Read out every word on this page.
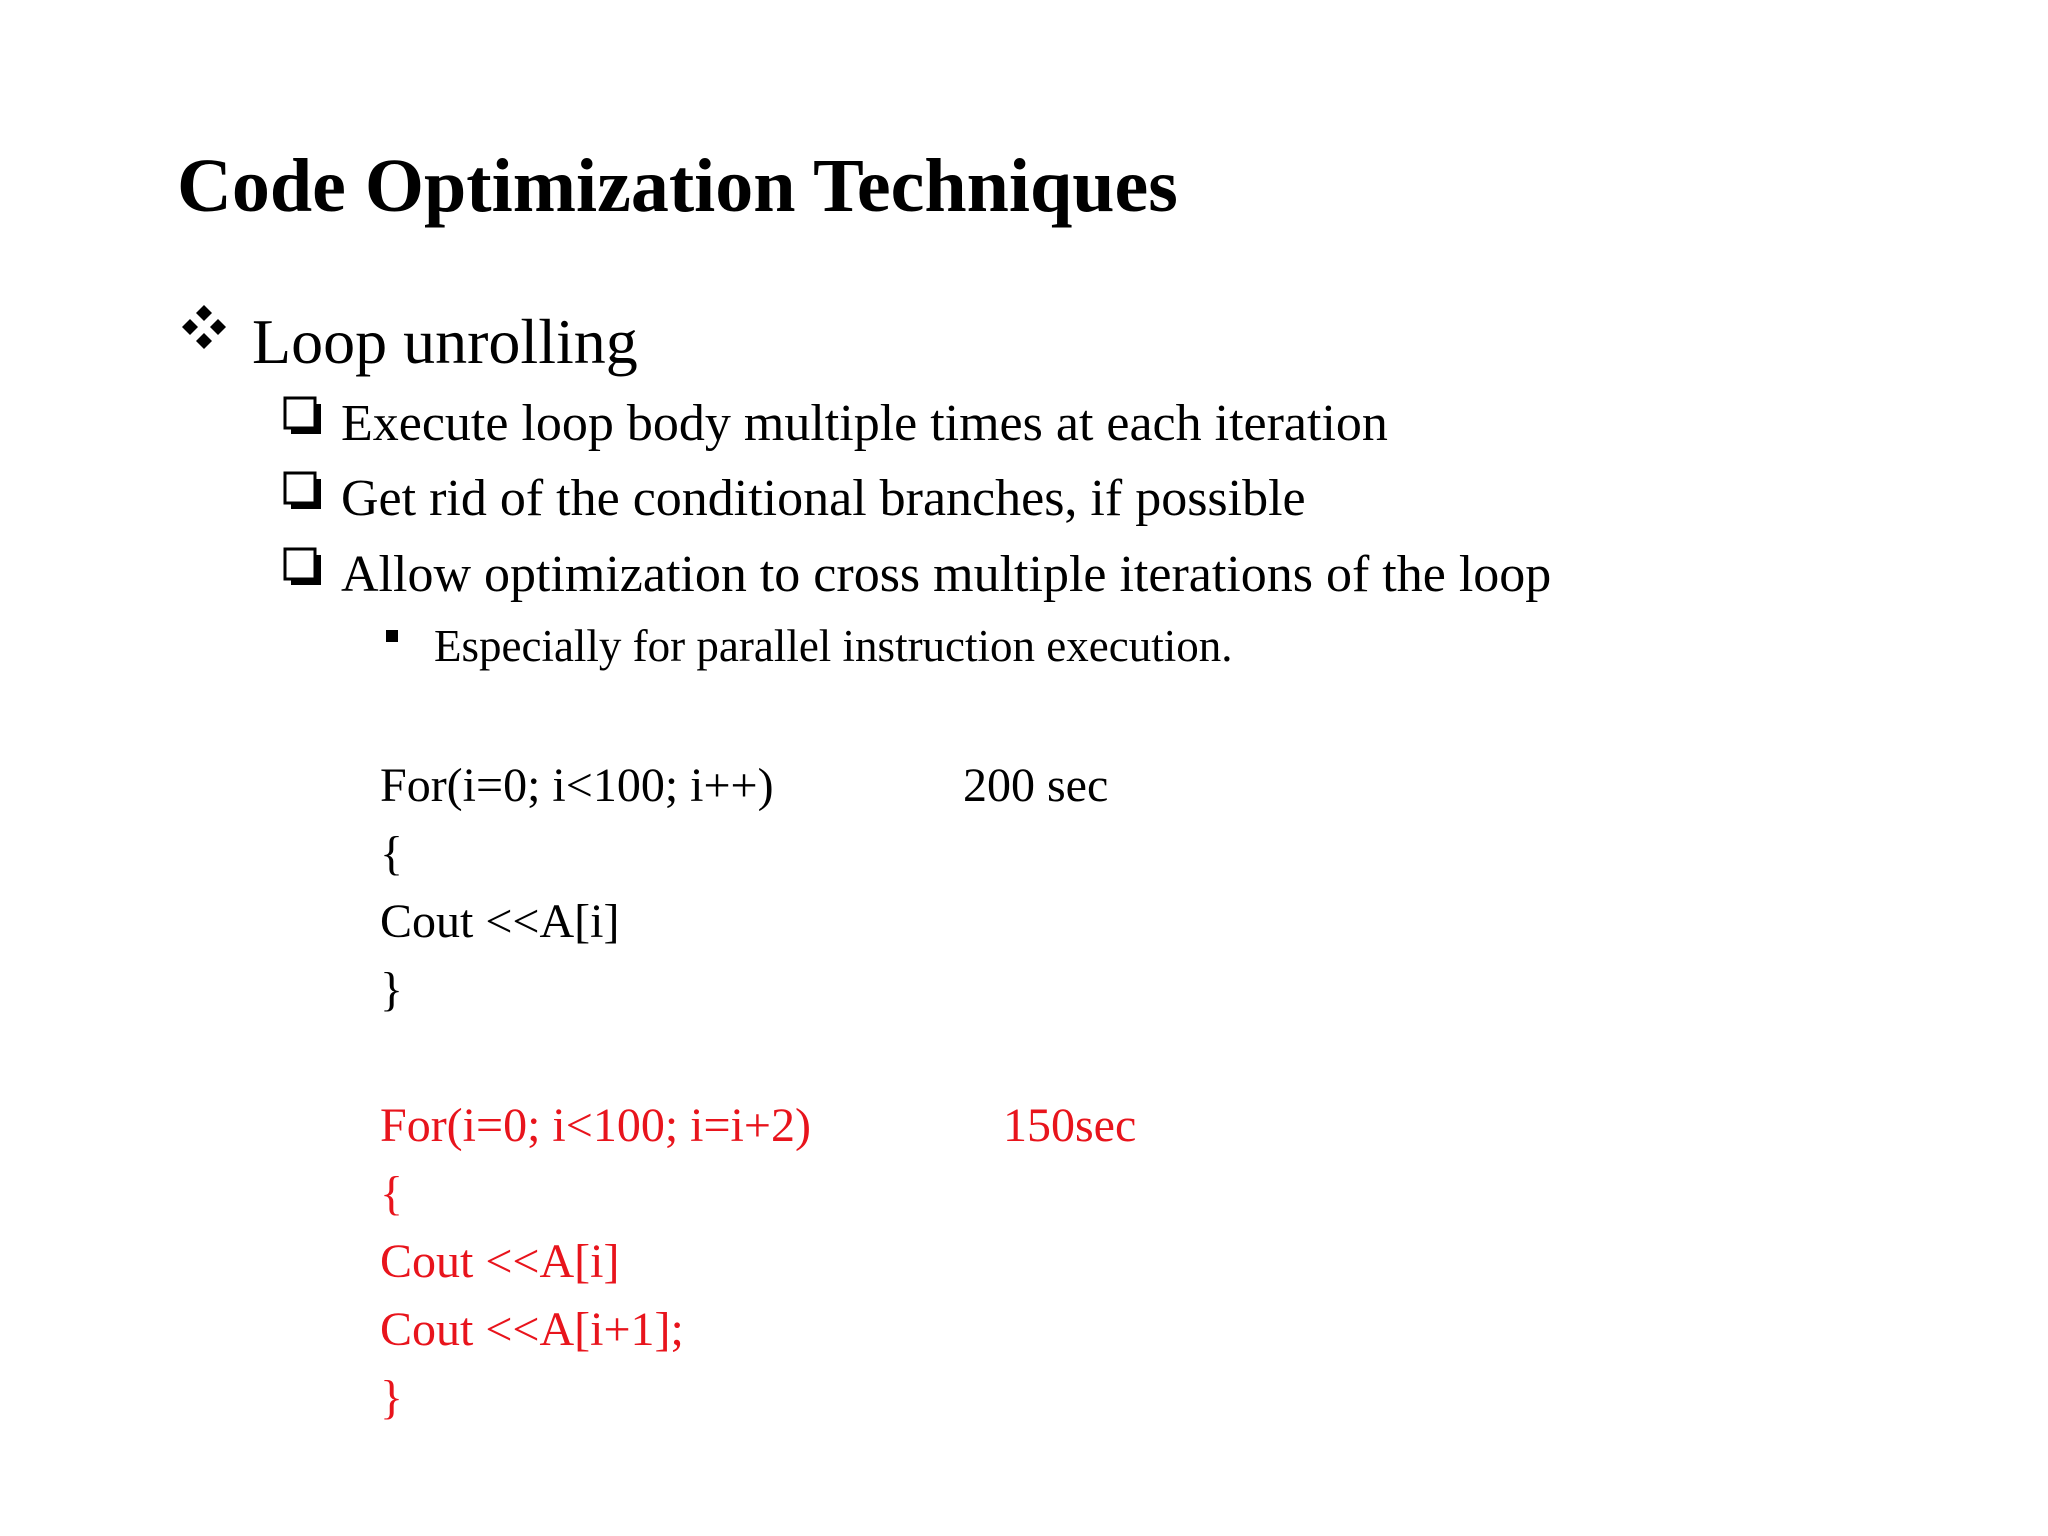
Code Optimization Techniques
Loop unrolling
Execute loop body multiple times at each iteration
Get rid of the conditional branches, if possible
Allow optimization to cross multiple iterations of the loop
Especially for parallel instruction execution.
For(i=0; i<100; i++)
{
Cout <<A[i]
}
200 sec
For(i=0; i<100; i=i+2)
{
Cout <<A[i]
Cout <<A[i+1];
}
150sec
